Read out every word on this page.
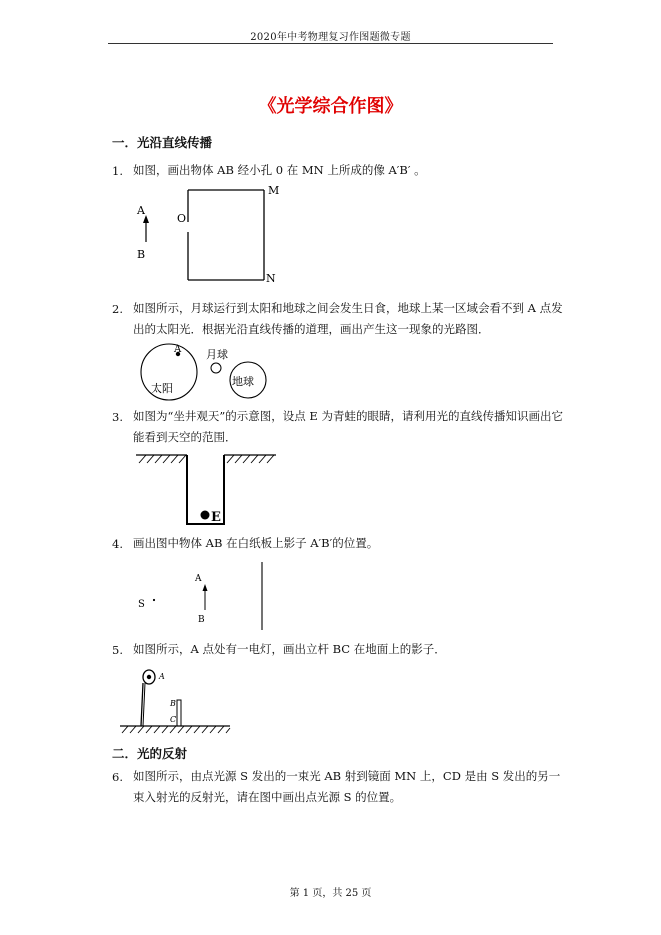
2020年中考物理复习作图题微专题
《光学综合作图》
一．光沿直线传播
1. 如图，画出物体 AB 经小孔 0 在 MN 上所成的像 A′B′ 。
A
B
O
M
N
2. 如图所示，月球运行到太阳和地球之间会发生日食，地球上某一区域会看不到 A 点发出的太阳光．根据光沿直线传播的道理，画出产生这一现象的光路图．
A
太阳
月球
地球
3. 如图为“坐井观天”的示意图，设点 E 为青蛙的眼睛，请利用光的直线传播知识画出它能看到天空的范围．
E
4. 画出图中物体 AB 在白纸板上影子 A′B′的位置。
S
A
B
5. 如图所示，A 点处有一电灯，画出立杆 BC 在地面上的影子．
A
B
C
二．光的反射
6. 如图所示，由点光源 S 发出的一束光 AB 射到镜面 MN 上，CD 是由 S 发出的另一束入射光的反射光，请在图中画出点光源 S 的位置。
第 1 页，共 25 页
